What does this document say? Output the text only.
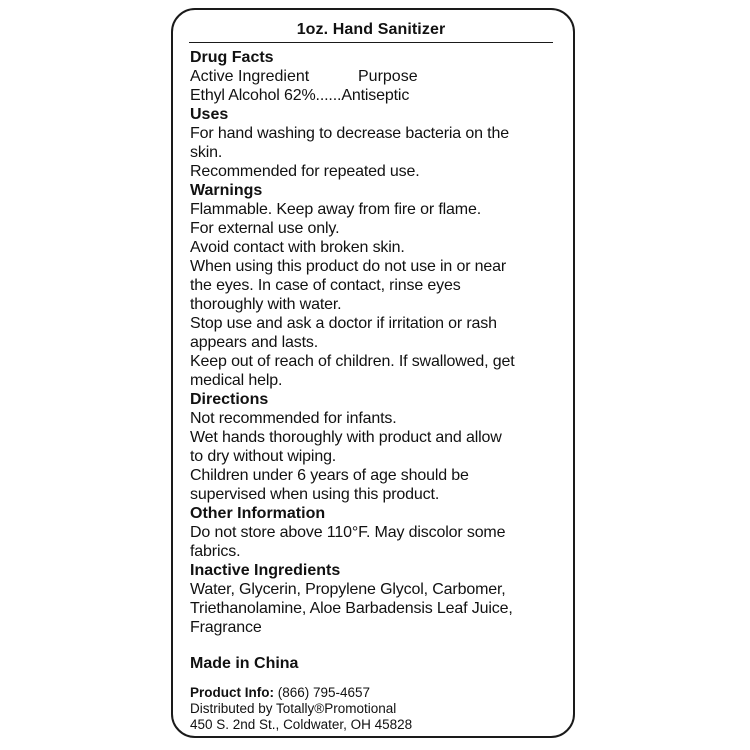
1oz. Hand Sanitizer
Drug Facts
Active Ingredient	Purpose
Ethyl Alcohol 62%......Antiseptic
Uses
For hand washing to decrease bacteria on the
skin.
Recommended for repeated use.
Warnings
Flammable. Keep away from fire or flame.
For external use only.
Avoid contact with broken skin.
When using this product do not use in or near
the eyes. In case of contact, rinse eyes
thoroughly with water.
Stop use and ask a doctor if irritation or rash
appears and lasts.
Keep out of reach of children. If swallowed, get
medical help.
Directions
Not recommended for infants.
Wet hands thoroughly with product and allow
to dry without wiping.
Children under 6 years of age should be
supervised when using this product.
Other Information
Do not store above 110°F. May discolor some
fabrics.
Inactive Ingredients
Water, Glycerin, Propylene Glycol, Carbomer,
Triethanolamine, Aloe Barbadensis Leaf Juice,
Fragrance
Made in China
Product Info: (866) 795-4657
Distributed by Totally®Promotional
450 S. 2nd St., Coldwater, OH 45828
